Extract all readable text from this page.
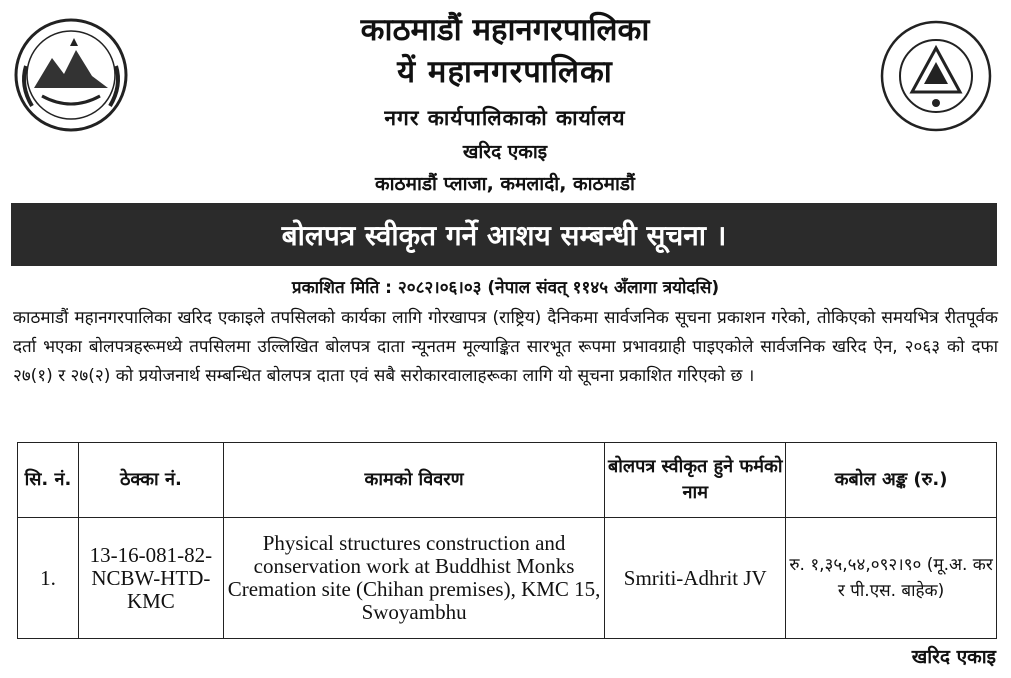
काठमाडौं महानगरपालिका
यें महानगरपालिका
नगर कार्यपालिकाको कार्यालय
खरिद एकाइ
काठमाडौं प्लाजा, कमलादी, काठमाडौं
बोलपत्र स्वीकृत गर्ने आशय सम्बन्धी सूचना ।
प्रकाशित मिति : २०८२।०६।०३ (नेपाल संवत् ११४५ अँलागा त्रयोदसि)
काठमाडौं महानगरपालिका खरिद एकाइले तपसिलको कार्यका लागि गोरखापत्र (राष्ट्रिय) दैनिकमा सार्वजनिक सूचना प्रकाशन गरेको, तोकिएको समयभित्र रीतपूर्वक दर्ता भएका बोलपत्रहरूमध्ये तपसिलमा उल्लिखित बोलपत्र दाता न्यूनतम मूल्याङ्कित सारभूत रूपमा प्रभावग्राही पाइएकोले सार्वजनिक खरिद ऐन, २०६३ को दफा २७(१) र २७(२) को प्रयोजनार्थ सम्बन्धित बोलपत्र दाता एवं सबै सरोकारवालाहरूका लागि यो सूचना प्रकाशित गरिएको छ ।
सि. नं.	ठेक्का नं.	कामको विवरण	बोलपत्र स्वीकृत हुने फर्मको नाम	कबोल अङ्क (रु.)
1.	13-16-081-82-NCBW-HTD-KMC	Physical structures construction and conservation work at Buddhist Monks Cremation site (Chihan premises), KMC 15, Swoyambhu	Smriti-Adhrit JV	रु. १,३५,५४,०९२।९० (मू.अ. कर र पी.एस. बाहेक)
खरिद एकाइ
